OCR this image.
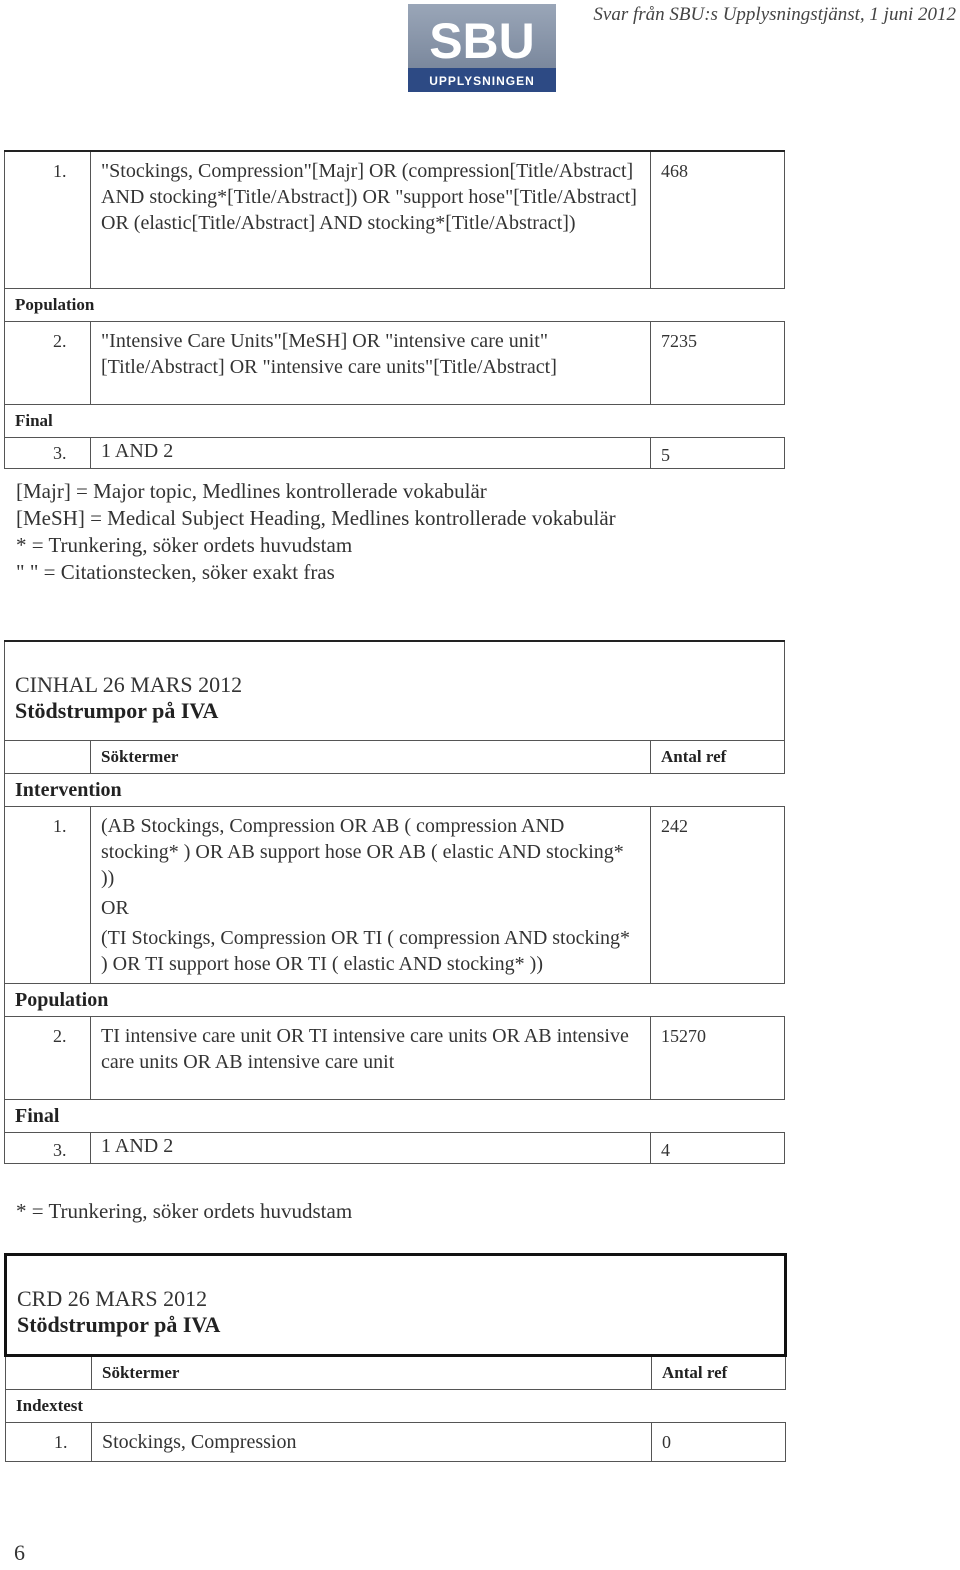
Svar från SBU:s Upplysningstjänst, 1 juni 2012
SBU
UPPLYSNINGEN
1.	"Stockings, Compression"[Majr] OR (compression[Title/Abstract] AND stocking*[Title/Abstract]) OR "support hose"[Title/Abstract] OR (elastic[Title/Abstract] AND stocking*[Title/Abstract])	468
Population		
2.	"Intensive Care Units"[MeSH] OR "intensive care unit"[Title/Abstract] OR "intensive care units"[Title/Abstract]	7235
Final		
3.	1 AND 2	5
[Majr] = Major topic, Medlines kontrollerade vokabulär
[MeSH] = Medical Subject Heading, Medlines kontrollerade vokabulär
* = Trunkering, söker ordets huvudstam
" " = Citationstecken, söker exakt fras
CINHAL 26 MARS 2012
Stödstrumpor på IVA		

	Söktermer	Antal ref
Intervention		
1.	(AB Stockings, Compression OR AB ( compression AND stocking* ) OR AB support hose OR AB ( elastic AND stocking* ))
OR
(TI Stockings, Compression OR TI ( compression AND stocking* ) OR TI support hose OR TI ( elastic AND stocking* ))	242
Population		
2.	TI intensive care unit OR TI intensive care units OR AB intensive care units OR AB intensive care unit	15270
Final		
3.	1 AND 2	4
* = Trunkering, söker ordets huvudstam
CRD 26 MARS 2012
Stödstrumpor på IVA		

	Söktermer	Antal ref
Indextest		
1.	Stockings, Compression	0
6
